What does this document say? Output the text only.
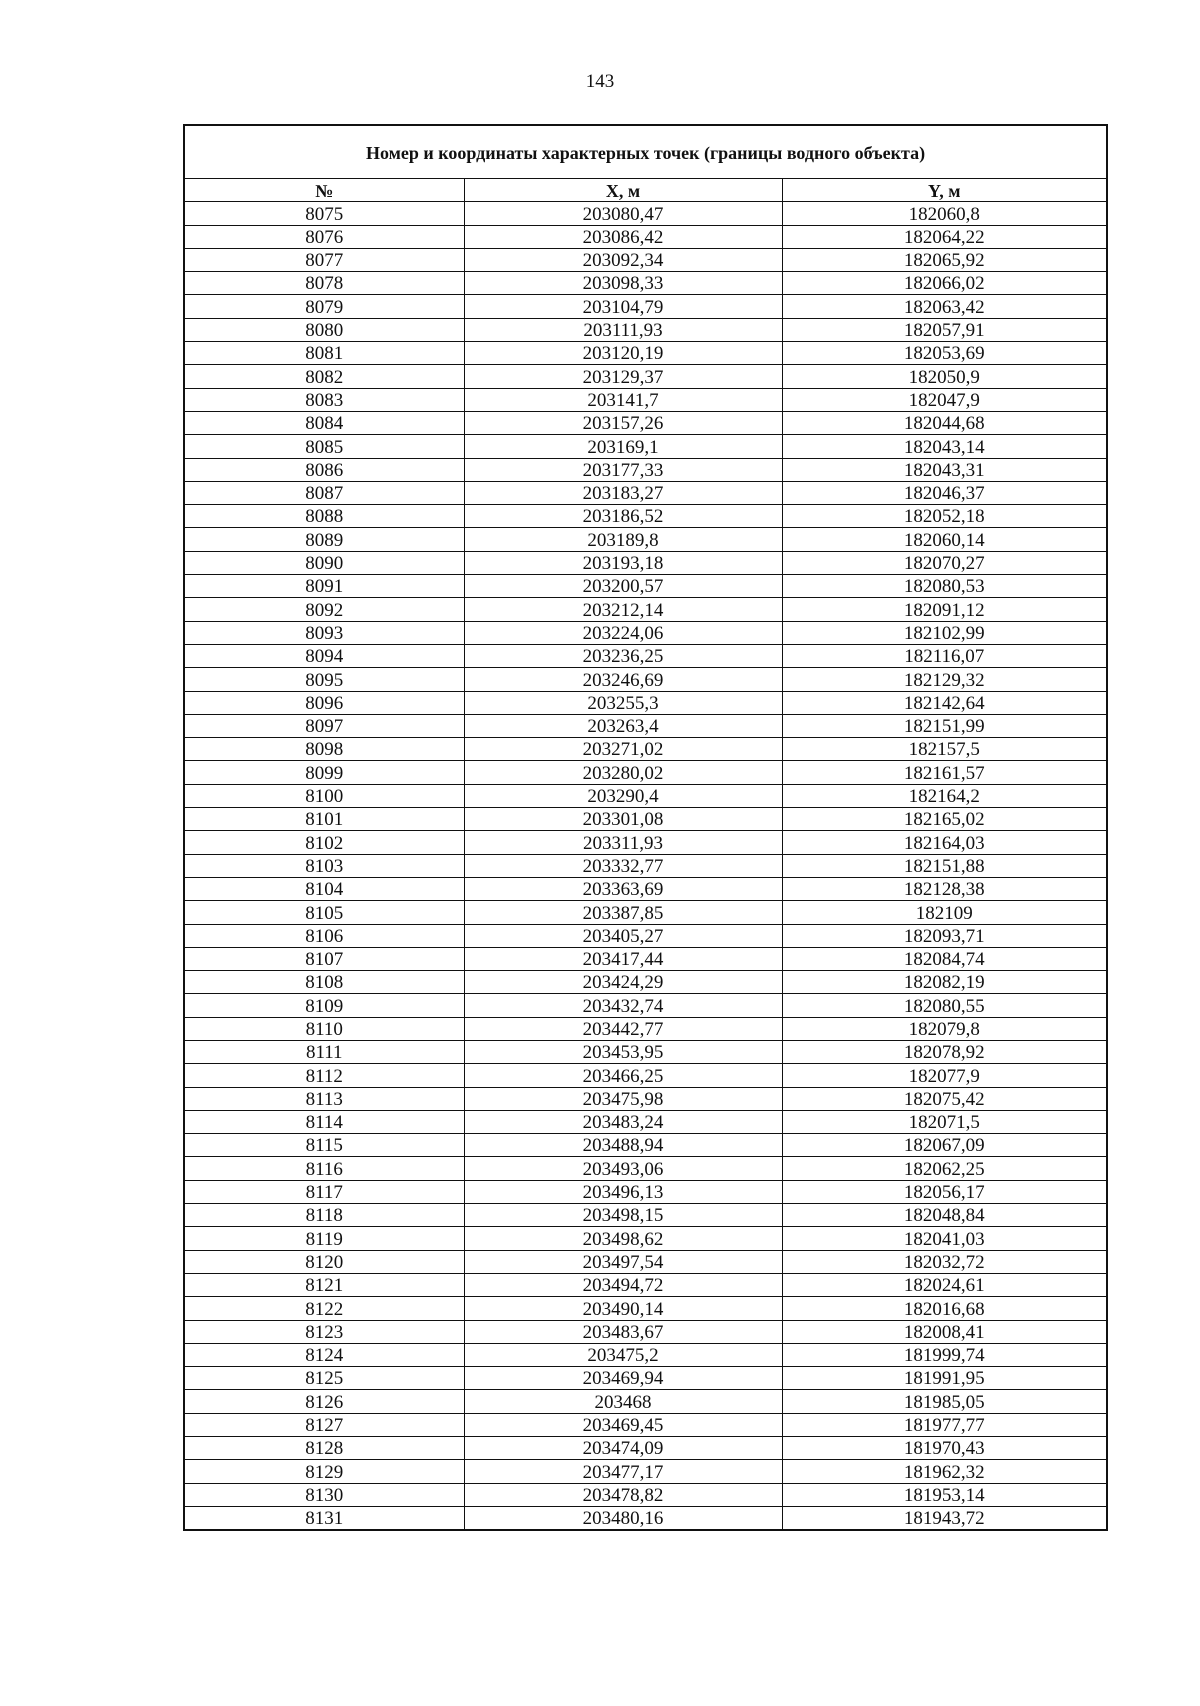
143
Номер и координаты характерных точек (границы водного объекта)		
№	X, м	Y, м
8075	203080,47	182060,8
8076	203086,42	182064,22
8077	203092,34	182065,92
8078	203098,33	182066,02
8079	203104,79	182063,42
8080	203111,93	182057,91
8081	203120,19	182053,69
8082	203129,37	182050,9
8083	203141,7	182047,9
8084	203157,26	182044,68
8085	203169,1	182043,14
8086	203177,33	182043,31
8087	203183,27	182046,37
8088	203186,52	182052,18
8089	203189,8	182060,14
8090	203193,18	182070,27
8091	203200,57	182080,53
8092	203212,14	182091,12
8093	203224,06	182102,99
8094	203236,25	182116,07
8095	203246,69	182129,32
8096	203255,3	182142,64
8097	203263,4	182151,99
8098	203271,02	182157,5
8099	203280,02	182161,57
8100	203290,4	182164,2
8101	203301,08	182165,02
8102	203311,93	182164,03
8103	203332,77	182151,88
8104	203363,69	182128,38
8105	203387,85	182109
8106	203405,27	182093,71
8107	203417,44	182084,74
8108	203424,29	182082,19
8109	203432,74	182080,55
8110	203442,77	182079,8
8111	203453,95	182078,92
8112	203466,25	182077,9
8113	203475,98	182075,42
8114	203483,24	182071,5
8115	203488,94	182067,09
8116	203493,06	182062,25
8117	203496,13	182056,17
8118	203498,15	182048,84
8119	203498,62	182041,03
8120	203497,54	182032,72
8121	203494,72	182024,61
8122	203490,14	182016,68
8123	203483,67	182008,41
8124	203475,2	181999,74
8125	203469,94	181991,95
8126	203468	181985,05
8127	203469,45	181977,77
8128	203474,09	181970,43
8129	203477,17	181962,32
8130	203478,82	181953,14
8131	203480,16	181943,72
